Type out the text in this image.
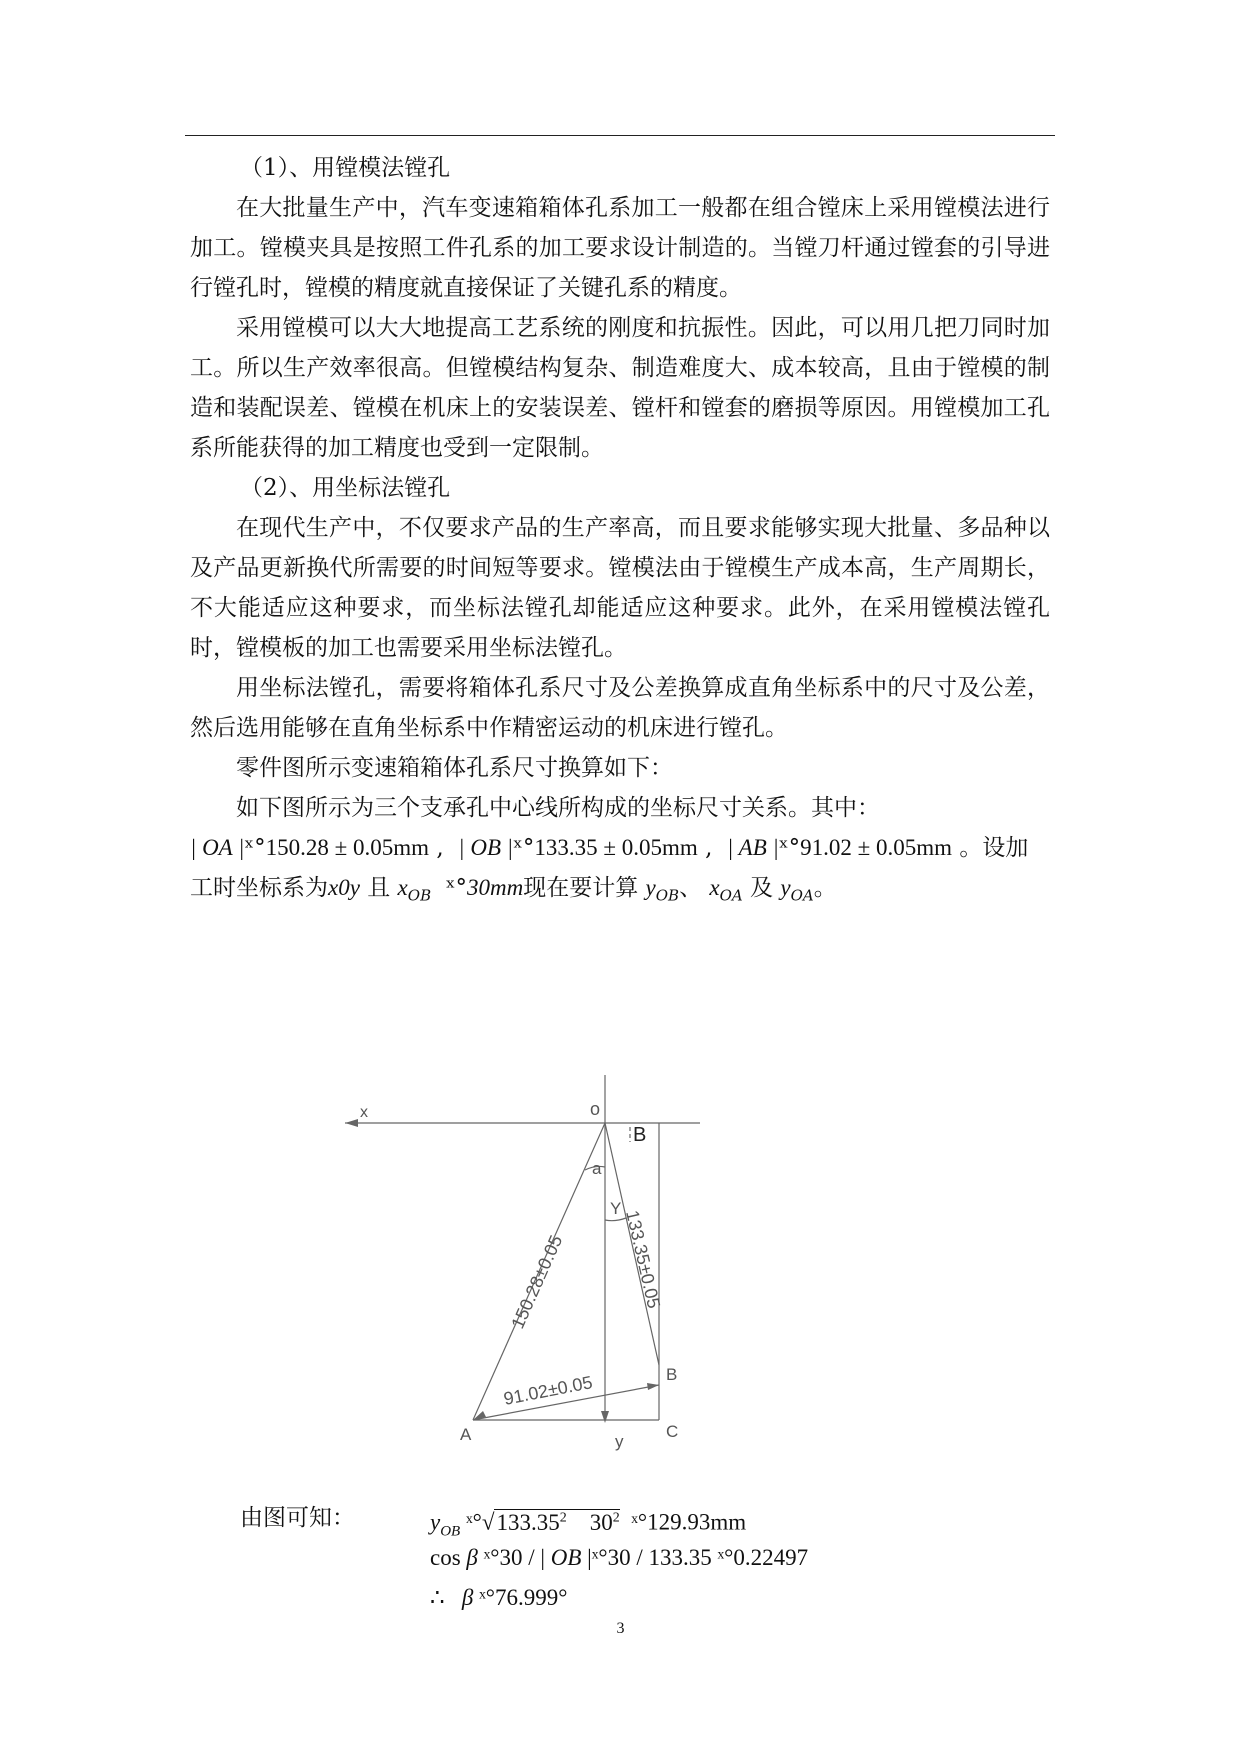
（1）、用镗模法镗孔

在大批量生产中，汽车变速箱箱体孔系加工一般都在组合镗床上采用镗模法进行加工。镗模夹具是按照工件孔系的加工要求设计制造的。当镗刀杆通过镗套的引导进行镗孔时，镗模的精度就直接保证了关键孔系的精度。

采用镗模可以大大地提高工艺系统的刚度和抗振性。因此，可以用几把刀同时加工。所以生产效率很高。但镗模结构复杂、制造难度大、成本较高，且由于镗模的制造和装配误差、镗模在机床上的安装误差、镗杆和镗套的磨损等原因。用镗模加工孔系所能获得的加工精度也受到一定限制。

（2）、用坐标法镗孔

在现代生产中，不仅要求产品的生产率高，而且要求能够实现大批量、多品种以及产品更新换代所需要的时间短等要求。镗模法由于镗模生产成本高，生产周期长，不大能适应这种要求，而坐标法镗孔却能适应这种要求。此外，在采用镗模法镗孔时，镗模板的加工也需要采用坐标法镗孔。

用坐标法镗孔，需要将箱体孔系尺寸及公差换算成直角坐标系中的尺寸及公差，然后选用能够在直角坐标系中作精密运动的机床进行镗孔。

零件图所示变速箱箱体孔系尺寸换算如下：

如下图所示为三个支承孔中心线所构成的坐标尺寸关系。其中：

| OA |ˣ°150.28 ± 0.05mm ,  | OB |ˣ°133.35 ± 0.05mm ,  | AB |ˣ°91.02 ± 0.05mm 。设加
工时坐标系为x0y 且 $x_{OB}$ ˣ°30mm现在要计算 $y_{OB}$、 $x_{OA}$ 及 $y_{OA}$。
x	o
B
a
Y
150.28±0.05	133.35±0.05
91.02±0.05	B
A	y
C
由图可知：	$y_{OB}$ ˣ°√133.35$^2$ $30^2$ ˣ°129.93mm
cos β ˣ°30 / | OB |ˣ°30 / 133.35 ˣ°0.22497
∴ β ˣ°76.999°
3
